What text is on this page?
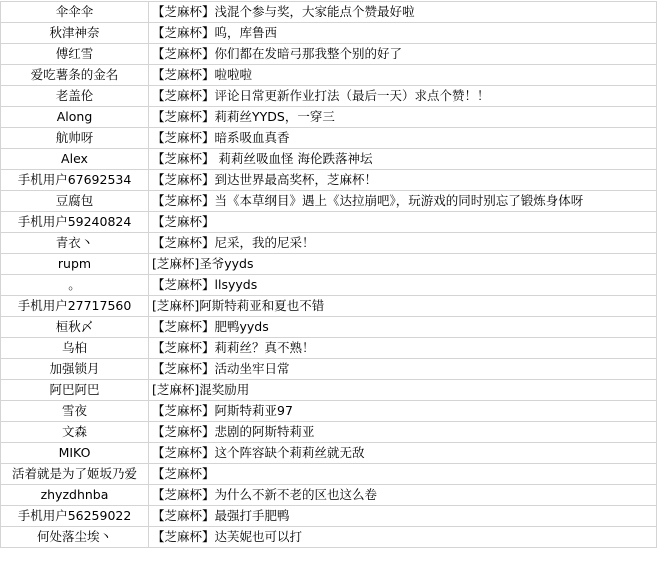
伞伞伞	【芝麻杯】浅混个参与奖，大家能点个赞最好啦
秋津神奈	【芝麻杯】呜，库鲁西
傅红雪	【芝麻杯】你们都在发暗弓那我整个别的好了
爱吃薯条的金名	【芝麻杯】啦啦啦
老盖伦	【芝麻杯】评论日常更新作业打法（最后一天）求点个赞！！
Along	【芝麻杯】莉莉丝YYDS，一穿三
航帅呀	【芝麻杯】暗系吸血真香
Alex	【芝麻杯】 莉莉丝吸血怪 海伦跌落神坛
手机用户67692534	【芝麻杯】到达世界最高奖杯，芝麻杯！
豆腐包	【芝麻杯】当《本草纲目》遇上《达拉崩吧》，玩游戏的同时别忘了锻炼身体呀
手机用户59240824	【芝麻杯】
青衣丶	【芝麻杯】尼采，我的尼采！
rupm	[芝麻杯]圣爷yyds
。	【芝麻杯】llsyyds
手机用户27717560	[芝麻杯]阿斯特莉亚和夏也不错
桓秋〆	【芝麻杯】肥鸭yyds
乌桕	【芝麻杯】莉莉丝？真不熟！
加强锁月	【芝麻杯】活动坐牢日常
阿巴阿巴	[芝麻杯]混奖励用
雪夜	【芝麻杯】阿斯特莉亚97
文森	【芝麻杯】悲剧的阿斯特莉亚
MIKO	【芝麻杯】这个阵容缺个莉莉丝就无敌
活着就是为了姬坂乃爱	【芝麻杯】
zhyzdhnba	【芝麻杯】为什么不新不老的区也这么卷
手机用户56259022	【芝麻杯】最强打手肥鸭
何处落尘埃丶	【芝麻杯】达芙妮也可以打
